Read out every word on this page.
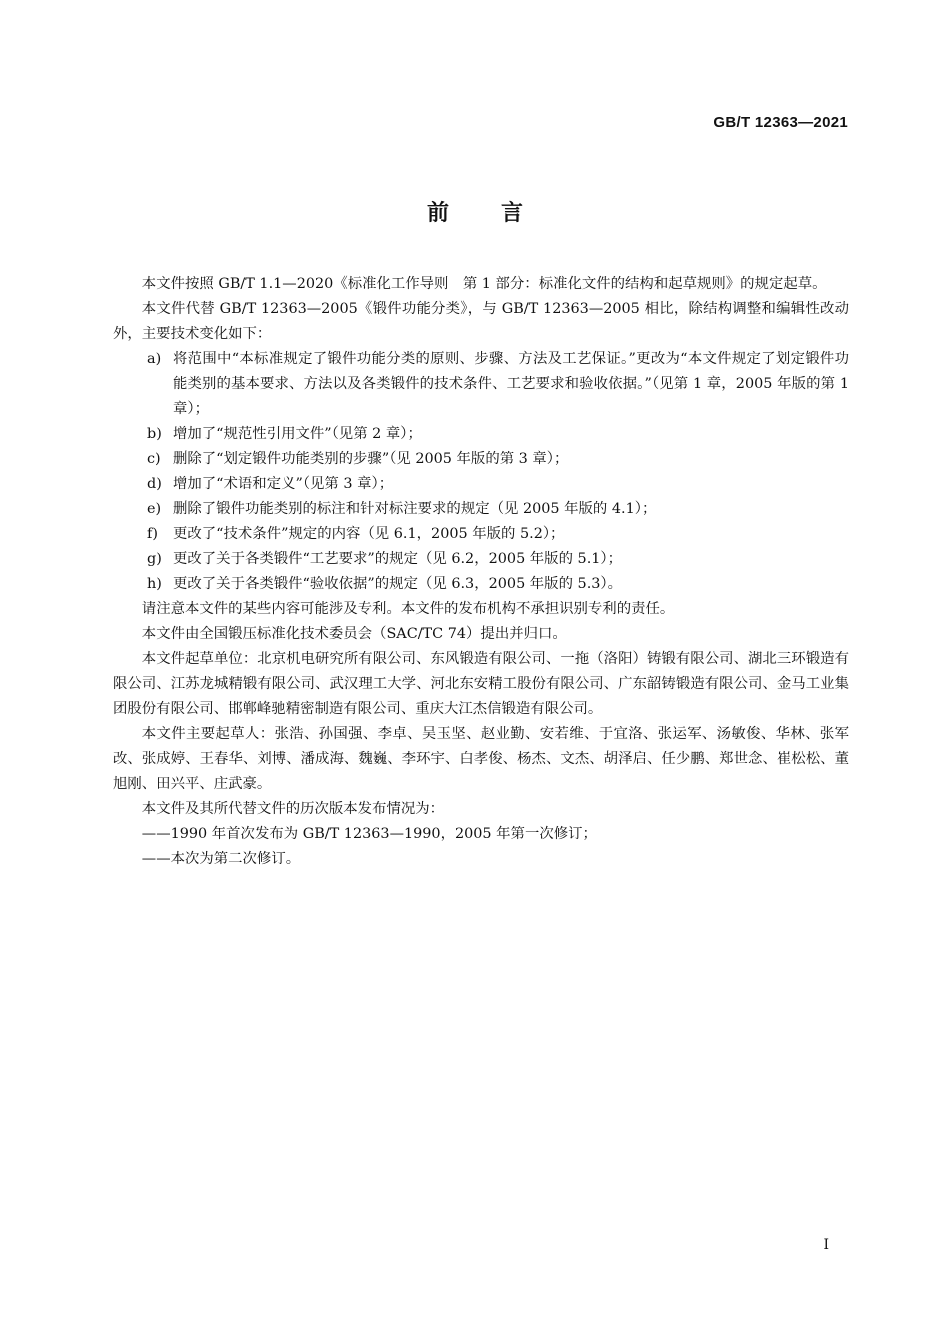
GB/T 12363—2021
前言

本文件按照 GB/T 1.1—2020《标准化工作导则　第 1 部分：标准化文件的结构和起草规则》的规定起草。

本文件代替 GB/T 12363—2005《锻件功能分类》，与 GB/T 12363—2005 相比，除结构调整和编辑性改动外，主要技术变化如下：

a) 将范围中“本标准规定了锻件功能分类的原则、步骤、方法及工艺保证。”更改为“本文件规定了划定锻件功能类别的基本要求、方法以及各类锻件的技术条件、工艺要求和验收依据。”（见第 1 章，2005 年版的第 1 章）；

b) 增加了“规范性引用文件”（见第 2 章）；

c) 删除了“划定锻件功能类别的步骤”（见 2005 年版的第 3 章）；

d) 增加了“术语和定义”（见第 3 章）；

e) 删除了锻件功能类别的标注和针对标注要求的规定（见 2005 年版的 4.1）；

f) 更改了“技术条件”规定的内容（见 6.1，2005 年版的 5.2）；

g) 更改了关于各类锻件“工艺要求”的规定（见 6.2，2005 年版的 5.1）；

h) 更改了关于各类锻件“验收依据”的规定（见 6.3，2005 年版的 5.3）。

请注意本文件的某些内容可能涉及专利。本文件的发布机构不承担识别专利的责任。

本文件由全国锻压标准化技术委员会（SAC/TC 74）提出并归口。

本文件起草单位：北京机电研究所有限公司、东风锻造有限公司、一拖（洛阳）铸锻有限公司、湖北三环锻造有限公司、江苏龙城精锻有限公司、武汉理工大学、河北东安精工股份有限公司、广东韶铸锻造有限公司、金马工业集团股份有限公司、邯郸峰驰精密制造有限公司、重庆大江杰信锻造有限公司。

本文件主要起草人：张浩、孙国强、李卓、吴玉坚、赵业勤、安若维、于宜洛、张运军、汤敏俊、华林、张军改、张成婷、王春华、刘博、潘成海、魏巍、李环宇、白孝俊、杨杰、文杰、胡泽启、任少鹏、郑世念、崔松松、董旭刚、田兴平、庄武豪。

本文件及其所代替文件的历次版本发布情况为：

——1990 年首次发布为 GB/T 12363—1990，2005 年第一次修订；

——本次为第二次修订。

I
